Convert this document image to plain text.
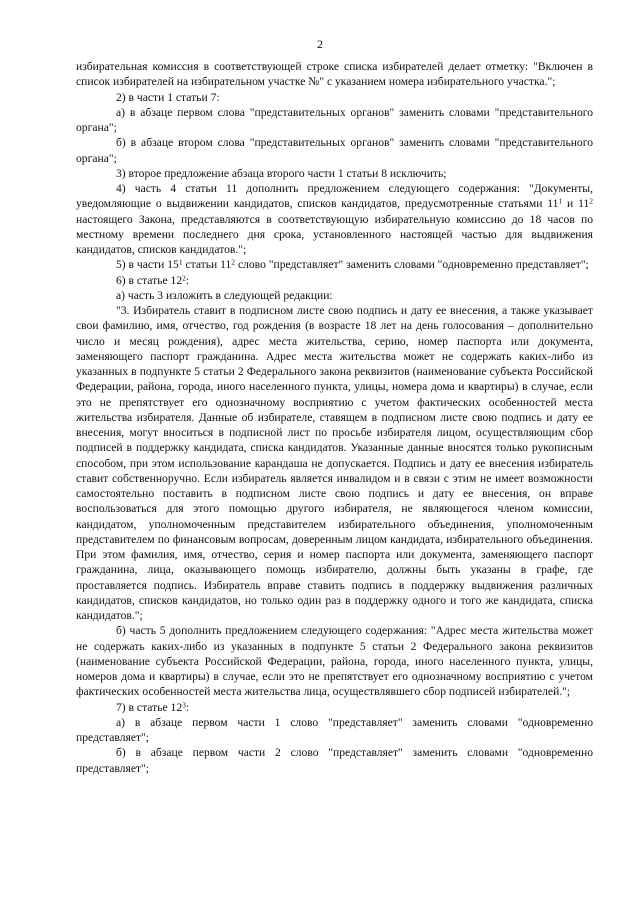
2

избирательная комиссия в соответствующей строке списка избирателей делает отметку: "Включен в список избирателей на избирательном участке №" с указанием номера избирательного участка.";

2) в части 1 статьи 7:

а) в абзаце первом слова "представительных органов" заменить словами "представительного органа";

б) в абзаце втором слова "представительных органов" заменить словами "представительного органа";

3) второе предложение абзаца второго части 1 статьи 8 исключить;

4) часть 4 статьи 11 дополнить предложением следующего содержания: "Документы, уведомляющие о выдвижении кандидатов, списков кандидатов, предусмотренные статьями $11^1$ и $11^2$ настоящего Закона, представляются в соответствующую избирательную комиссию до 18 часов по местному времени последнего дня срока, установленного настоящей частью для выдвижения кандидатов, списков кандидатов.";

5) в части $15^1$ статьи $11^2$ слово "представляет" заменить словами "одновременно представляет";

6) в статье $12^2$:

а) часть 3 изложить в следующей редакции:

"3. Избиратель ставит в подписном листе свою подпись и дату ее внесения, а также указывает свои фамилию, имя, отчество, год рождения (в возрасте 18 лет на день голосования – дополнительно число и месяц рождения), адрес места жительства, серию, номер паспорта или документа, заменяющего паспорт гражданина. Адрес места жительства может не содержать каких-либо из указанных в подпункте 5 статьи 2 Федерального закона реквизитов (наименование субъекта Российской Федерации, района, города, иного населенного пункта, улицы, номера дома и квартиры) в случае, если это не препятствует его однозначному восприятию с учетом фактических особенностей места жительства избирателя. Данные об избирателе, ставящем в подписном листе свою подпись и дату ее внесения, могут вноситься в подписной лист по просьбе избирателя лицом, осуществляющим сбор подписей в поддержку кандидата, списка кандидатов. Указанные данные вносятся только рукописным способом, при этом использование карандаша не допускается. Подпись и дату ее внесения избиратель ставит собственноручно. Если избиратель является инвалидом и в связи с этим не имеет возможности самостоятельно поставить в подписном листе свою подпись и дату ее внесения, он вправе воспользоваться для этого помощью другого избирателя, не являющегося членом комиссии, кандидатом, уполномоченным представителем избирательного объединения, уполномоченным представителем по финансовым вопросам, доверенным лицом кандидата, избирательного объединения. При этом фамилия, имя, отчество, серия и номер паспорта или документа, заменяющего паспорт гражданина, лица, оказывающего помощь избирателю, должны быть указаны в графе, где проставляется подпись. Избиратель вправе ставить подпись в поддержку выдвижения различных кандидатов, списков кандидатов, но только один раз в поддержку одного и того же кандидата, списка кандидатов.";

б) часть 5 дополнить предложением следующего содержания: "Адрес места жительства может не содержать каких-либо из указанных в подпункте 5 статьи 2 Федерального закона реквизитов (наименование субъекта Российской Федерации, района, города, иного населенного пункта, улицы, номеров дома и квартиры) в случае, если это не препятствует его однозначному восприятию с учетом фактических особенностей места жительства лица, осуществлявшего сбор подписей избирателей.";

7) в статье $12^3$:

а) в абзаце первом части 1 слово "представляет" заменить словами "одновременно представляет";

б) в абзаце первом части 2 слово "представляет" заменить словами "одновременно представляет";
